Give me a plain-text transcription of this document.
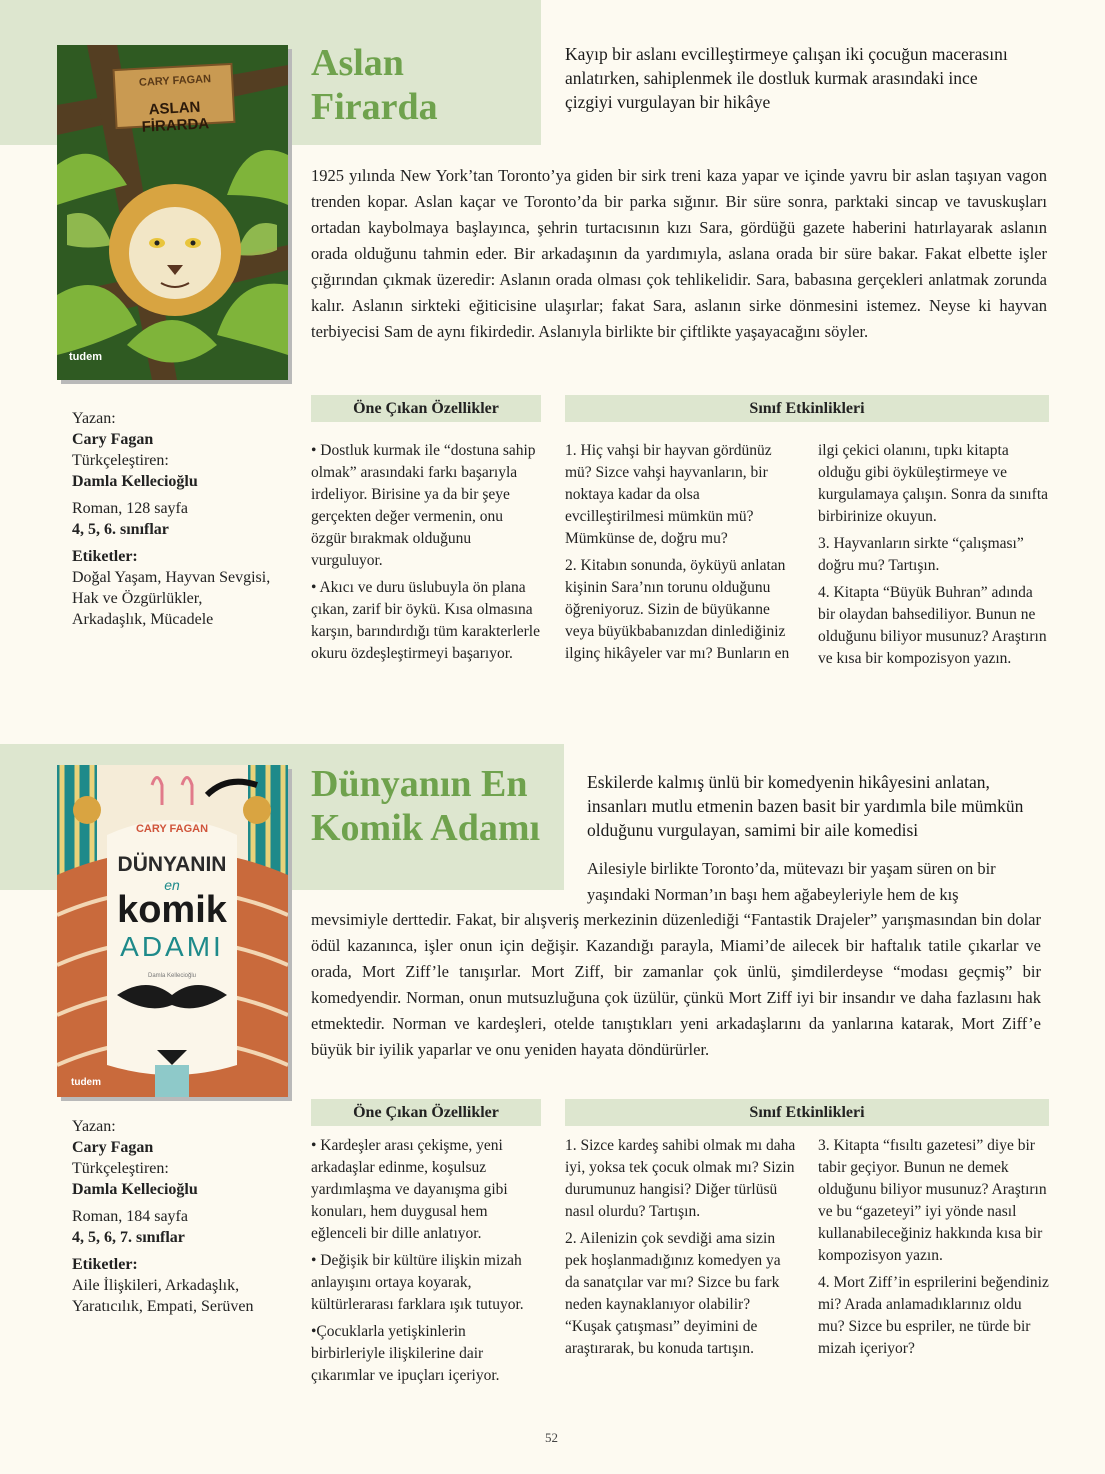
CARY FAGAN
ASLAN FİRARDA
tudem
Aslan
Firarda
Kayıp bir aslanı evcilleştirmeye çalışan iki çocuğun macerasını anlatırken, sahiplenmek ile dostluk kurmak arasındaki ince çizgiyi vurgulayan bir hikâye
1925 yılında New York’tan Toronto’ya giden bir sirk treni kaza yapar ve içinde yavru bir aslan taşıyan vagon trenden kopar. Aslan kaçar ve Toronto’da bir parka sığınır. Bir süre sonra, parktaki sincap ve tavuskuşları ortadan kaybolmaya başlayınca, şehrin turtacısının kızı Sara, gördüğü gazete haberini hatırlayarak aslanın orada olduğunu tahmin eder. Bir arkadaşının da yardımıyla, aslana orada bir süre bakar. Fakat elbette işler çığırından çıkmak üzeredir: Aslanın orada olması çok tehlikelidir. Sara, babasına gerçekleri anlatmak zorunda kalır. Aslanın sirkteki eğiticisine ulaşırlar; fakat Sara, aslanın sirke dönmesini istemez. Neyse ki hayvan terbiyecisi Sam de aynı fikirdedir. Aslanıyla birlikte bir çiftlikte yaşayacağını söyler.
Yazan:
Cary Fagan
Türkçeleştiren:
Damla Kellecioğlu
Roman, 128 sayfa
4, 5, 6. sınıflar
Etiketler:
Doğal Yaşam, Hayvan Sevgisi, Hak ve Özgürlükler, Arkadaşlık, Mücadele
Öne Çıkan Özellikler	Sınıf Etkinlikleri

• Dostluk kurmak ile “dostuna sahip olmak” arasındaki farkı başarıyla irdeliyor. Birisine ya da bir şeye gerçekten değer vermenin, onu özgür bırakmak olduğunu vurguluyor.

• Akıcı ve duru üslubuyla ön plana çıkan, zarif bir öykü. Kısa olmasına karşın, barındırdığı tüm karakterlerle okuru özdeşleştirmeyi başarıyor.

1. Hiç vahşi bir hayvan gördünüz mü? Sizce vahşi hayvanların, bir noktaya kadar da olsa evcilleştirilmesi mümkün mü? Mümkünse de, doğru mu?

2. Kitabın sonunda, öyküyü anlatan kişinin Sara’nın torunu olduğunu öğreniyoruz. Sizin de büyükanne veya büyükbabanızdan dinlediğiniz ilginç hikâyeler var mı? Bunların en

ilgi çekici olanını, tıpkı kitapta olduğu gibi öyküleştirmeye ve kurgulamaya çalışın. Sonra da sınıfta birbirinize okuyun.

3. Hayvanların sirkte “çalışması” doğru mu? Tartışın.

4. Kitapta “Büyük Buhran” adında bir olaydan bahsediliyor. Bunun ne olduğunu biliyor musunuz? Araştırın ve kısa bir kompozisyon yazın.

CARY FAGAN
DÜNYANIN
en
komik
ADAMI
Damla Kellecioğlu
tudem
Dünyanın En
Komik Adamı
Eskilerde kalmış ünlü bir komedyenin hikâyesini anlatan, insanları mutlu etmenin bazen basit bir yardımla bile mümkün olduğunu vurgulayan, samimi bir aile komedisi
Ailesiyle birlikte Toronto’da, mütevazı bir yaşam süren on bir yaşındaki Norman’ın başı hem ağabeyleriyle hem de kış
mevsimiyle derttedir. Fakat, bir alışveriş merkezinin düzenlediği “Fantastik Drajeler” yarışmasından bin dolar ödül kazanınca, işler onun için değişir. Kazandığı parayla, Miami’de ailecek bir haftalık tatile çıkarlar ve orada, Mort Ziff’le tanışırlar. Mort Ziff, bir zamanlar çok ünlü, şimdilerdeyse “modası geçmiş” bir komedyendir. Norman, onun mutsuzluğuna çok üzülür, çünkü Mort Ziff iyi bir insandır ve daha fazlasını hak etmektedir. Norman ve kardeşleri, otelde tanıştıkları yeni arkadaşlarını da yanlarına katarak, Mort Ziff’e büyük bir iyilik yaparlar ve onu yeniden hayata döndürürler.
Yazan:
Cary Fagan
Türkçeleştiren:
Damla Kellecioğlu
Roman, 184 sayfa
4, 5, 6, 7. sınıflar
Etiketler:
Aile İlişkileri, Arkadaşlık, Yaratıcılık, Empati, Serüven
Öne Çıkan Özellikler	Sınıf Etkinlikleri

• Kardeşler arası çekişme, yeni arkadaşlar edinme, koşulsuz yardımlaşma ve dayanışma gibi konuları, hem duygusal hem eğlenceli bir dille anlatıyor.

• Değişik bir kültüre ilişkin mizah anlayışını ortaya koyarak, kültürlerarası farklara ışık tutuyor.

•Çocuklarla yetişkinlerin birbirleriyle ilişkilerine dair çıkarımlar ve ipuçları içeriyor.

1. Sizce kardeş sahibi olmak mı daha iyi, yoksa tek çocuk olmak mı? Sizin durumunuz hangisi? Diğer türlüsü nasıl olurdu? Tartışın.

2. Ailenizin çok sevdiği ama sizin pek hoşlanmadığınız komedyen ya da sanatçılar var mı? Sizce bu fark neden kaynaklanıyor olabilir? “Kuşak çatışması” deyimini de araştırarak, bu konuda tartışın.

3. Kitapta “fısıltı gazetesi” diye bir tabir geçiyor. Bunun ne demek olduğunu biliyor musunuz? Araştırın ve bu “gazeteyi” iyi yönde nasıl kullanabileceğiniz hakkında kısa bir kompozisyon yazın.

4. Mort Ziff’in esprilerini beğendiniz mi? Arada anlamadıklarınız oldu mu? Sizce bu espriler, ne türde bir mizah içeriyor?

52
